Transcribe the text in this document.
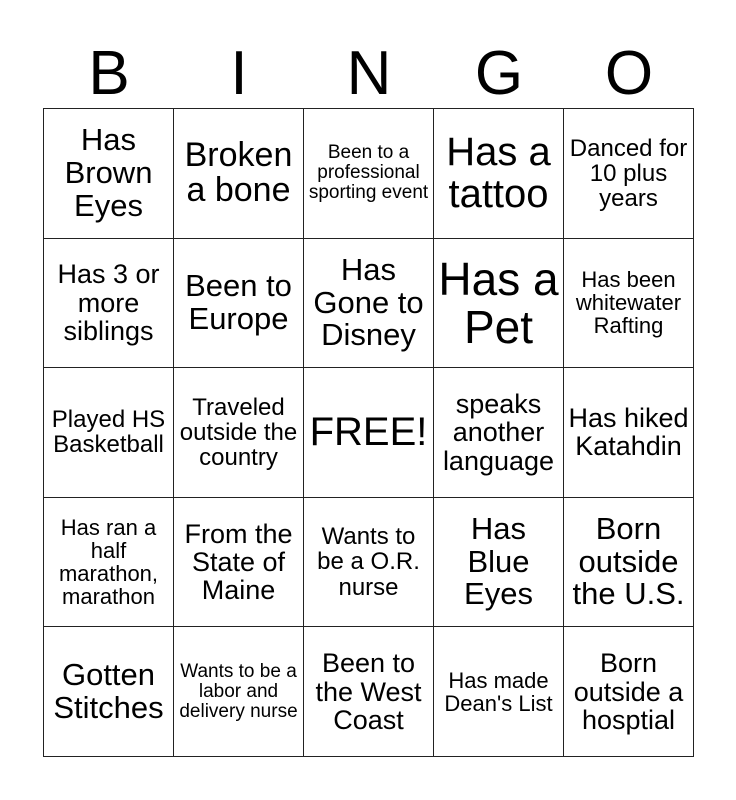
B	I	N	G	O
Has Brown Eyes	Broken a bone	Been to a professional sporting event	Has a tattoo	Danced for 10 plus years
Has 3 or more siblings	Been to Europe	Has Gone to Disney	Has a Pet	Has been whitewater Rafting
Played HS Basketball	Traveled outside the country	FREE!	speaks another language	Has hiked Katahdin
Has ran a half marathon, marathon	From the State of Maine	Wants to be a O.R. nurse	Has Blue Eyes	Born outside the U.S.
Gotten Stitches	Wants to be a labor and delivery nurse	Been to the West Coast	Has made Dean's List	Born outside a hosptial
